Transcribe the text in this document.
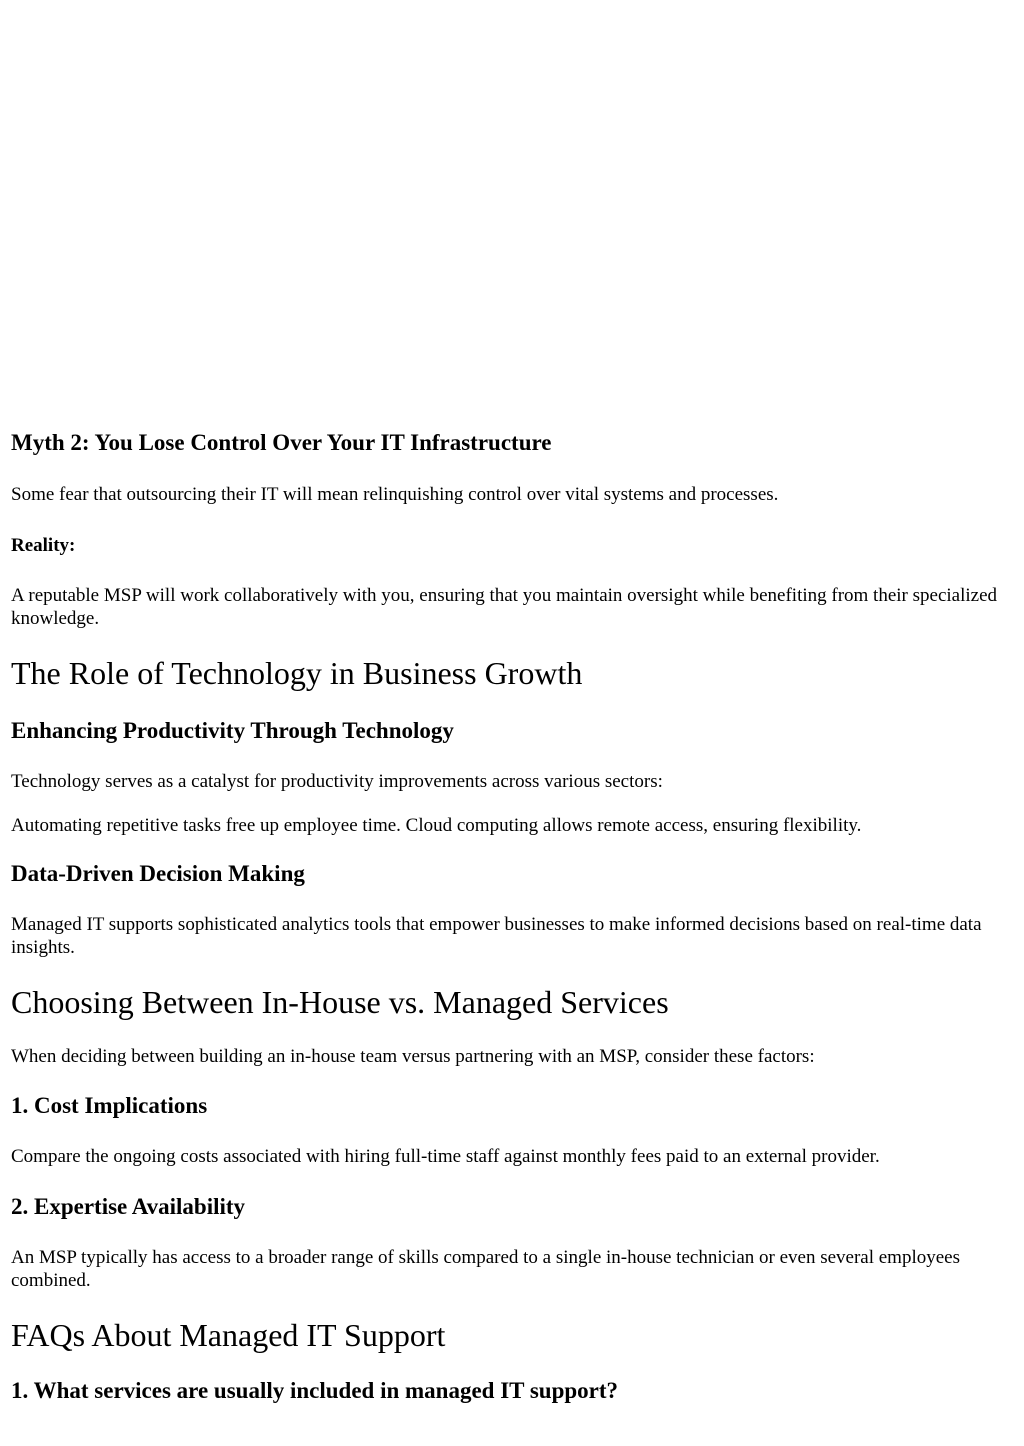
Myth 2: You Lose Control Over Your IT Infrastructure

Some fear that outsourcing their IT will mean relinquishing control over vital systems and processes.

Reality:

A reputable MSP will work collaboratively with you, ensuring that you maintain oversight while benefiting from their specialized knowledge.

The Role of Technology in Business Growth
Enhancing Productivity Through Technology

Technology serves as a catalyst for productivity improvements across various sectors:

Automating repetitive tasks free up employee time. Cloud computing allows remote access, ensuring flexibility.

Data-Driven Decision Making

Managed IT supports sophisticated analytics tools that empower businesses to make informed decisions based on real-time data insights.

Choosing Between In-House vs. Managed Services

When deciding between building an in-house team versus partnering with an MSP, consider these factors:

1. Cost Implications

Compare the ongoing costs associated with hiring full-time staff against monthly fees paid to an external provider.

2. Expertise Availability

An MSP typically has access to a broader range of skills compared to a single in-house technician or even several employees combined.

FAQs About Managed IT Support
1. What services are usually included in managed IT support?
